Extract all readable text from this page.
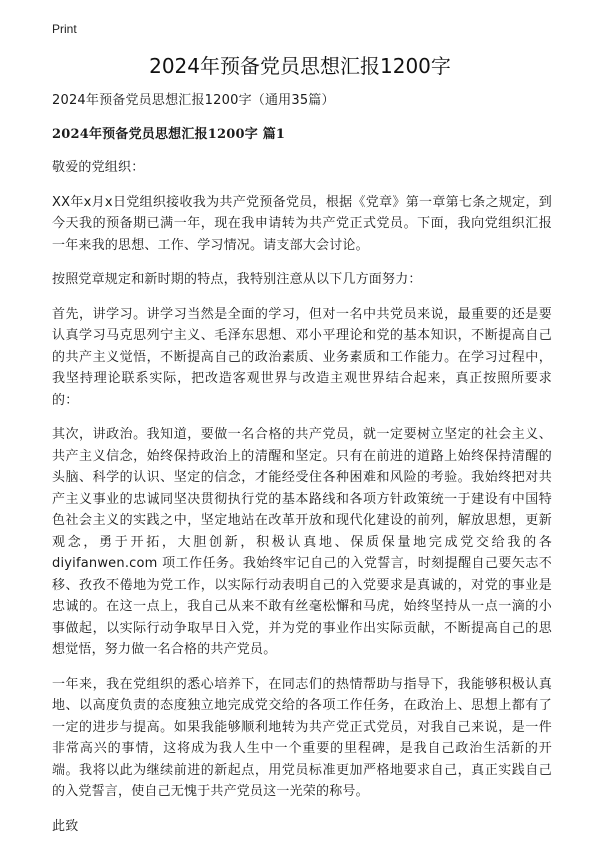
Print
2024年预备党员思想汇报1200字

2024年预备党员思想汇报1200字（通用35篇）

2024年预备党员思想汇报1200字 篇1

敬爱的党组织：

XX年x月x日党组织接收我为共产党预备党员，根据《党章》第一章第七条之规定，到今天我的预备期已满一年，现在我申请转为共产党正式党员。下面，我向党组织汇报一年来我的思想、工作、学习情况。请支部大会讨论。

按照党章规定和新时期的特点，我特别注意从以下几方面努力：

首先，讲学习。讲学习当然是全面的学习，但对一名中共党员来说，最重要的还是要认真学习马克思列宁主义、毛泽东思想、邓小平理论和党的基本知识，不断提高自己的共产主义觉悟，不断提高自己的政治素质、业务素质和工作能力。在学习过程中，我坚持理论联系实际，把改造客观世界与改造主观世界结合起来，真正按照所要求的：

其次，讲政治。我知道，要做一名合格的共产党员，就一定要树立坚定的社会主义、共产主义信念，始终保持政治上的清醒和坚定。只有在前进的道路上始终保持清醒的头脑、科学的认识、坚定的信念，才能经受住各种困难和风险的考验。我始终把对共产主义事业的忠诚同坚决贯彻执行党的基本路线和各项方针政策统一于建设有中国特色社会主义的实践之中，坚定地站在改革开放和现代化建设的前列，解放思想，更新观念，勇于开拓，大胆创新，积极认真地、保质保量地完成党交给我的各diyifanwen.com 项工作任务。我始终牢记自己的入党誓言，时刻提醒自己要矢志不移、孜孜不倦地为党工作，以实际行动表明自己的入党要求是真诚的，对党的事业是忠诚的。在这一点上，我自己从来不敢有丝毫松懈和马虎，始终坚持从一点一滴的小事做起，以实际行动争取早日入党，并为党的事业作出实际贡献，不断提高自己的思想觉悟，努力做一名合格的共产党员。

一年来，我在党组织的悉心培养下，在同志们的热情帮助与指导下，我能够积极认真地、以高度负责的态度独立地完成党交给的各项工作任务，在政治上、思想上都有了一定的进步与提高。如果我能够顺利地转为共产党正式党员，对我自己来说，是一件非常高兴的事情，这将成为我人生中一个重要的里程碑，是我自己政治生活新的开端。我将以此为继续前进的新起点，用党员标准更加严格地要求自己，真正实践自己的入党誓言，使自己无愧于共产党员这一光荣的称号。

此致
